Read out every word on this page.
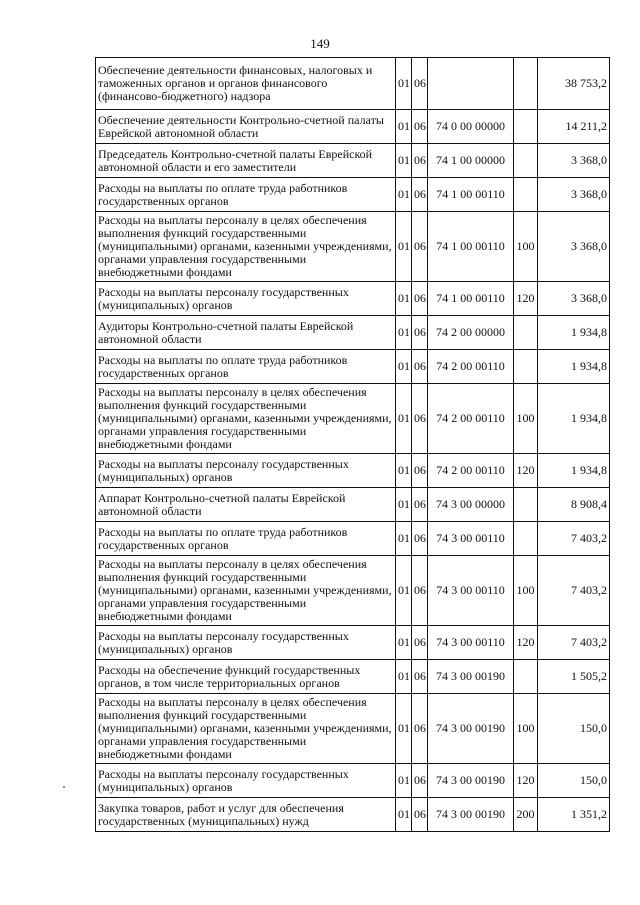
149
Обеспечение деятельности финансовых, налоговых и таможенных органов и органов финансового (финансово-бюджетного) надзора	01	06			38 753,2
Обеспечение деятельности Контрольно-счетной палаты Еврейской автономной области	01	06	74 0 00 00000		14 211,2
Председатель Контрольно-счетной палаты Еврейской автономной области и его заместители	01	06	74 1 00 00000		3 368,0
Расходы на выплаты по оплате труда работников государственных органов	01	06	74 1 00 00110		3 368,0
Расходы на выплаты персоналу в целях обеспечения выполнения функций государственными (муниципальными) органами, казенными учреждениями, органами управления государственными внебюджетными фондами	01	06	74 1 00 00110	100	3 368,0
Расходы на выплаты персоналу государственных (муниципальных) органов	01	06	74 1 00 00110	120	3 368,0
Аудиторы Контрольно-счетной палаты Еврейской автономной области	01	06	74 2 00 00000		1 934,8
Расходы на выплаты по оплате труда работников государственных органов	01	06	74 2 00 00110		1 934,8
Расходы на выплаты персоналу в целях обеспечения выполнения функций государственными (муниципальными) органами, казенными учреждениями, органами управления государственными внебюджетными фондами	01	06	74 2 00 00110	100	1 934,8
Расходы на выплаты персоналу государственных (муниципальных) органов	01	06	74 2 00 00110	120	1 934,8
Аппарат Контрольно-счетной палаты Еврейской автономной области	01	06	74 3 00 00000		8 908,4
Расходы на выплаты по оплате труда работников государственных органов	01	06	74 3 00 00110		7 403,2
Расходы на выплаты персоналу в целях обеспечения выполнения функций государственными (муниципальными) органами, казенными учреждениями, органами управления государственными внебюджетными фондами	01	06	74 3 00 00110	100	7 403,2
Расходы на выплаты персоналу государственных (муниципальных) органов	01	06	74 3 00 00110	120	7 403,2
Расходы на обеспечение функций государственных органов, в том числе территориальных органов	01	06	74 3 00 00190		1 505,2
Расходы на выплаты персоналу в целях обеспечения выполнения функций государственными (муниципальными) органами, казенными учреждениями, органами управления государственными внебюджетными фондами	01	06	74 3 00 00190	100	150,0
Расходы на выплаты персоналу государственных (муниципальных) органов	01	06	74 3 00 00190	120	150,0
Закупка товаров, работ и услуг для обеспечения государственных (муниципальных) нужд	01	06	74 3 00 00190	200	1 351,2
